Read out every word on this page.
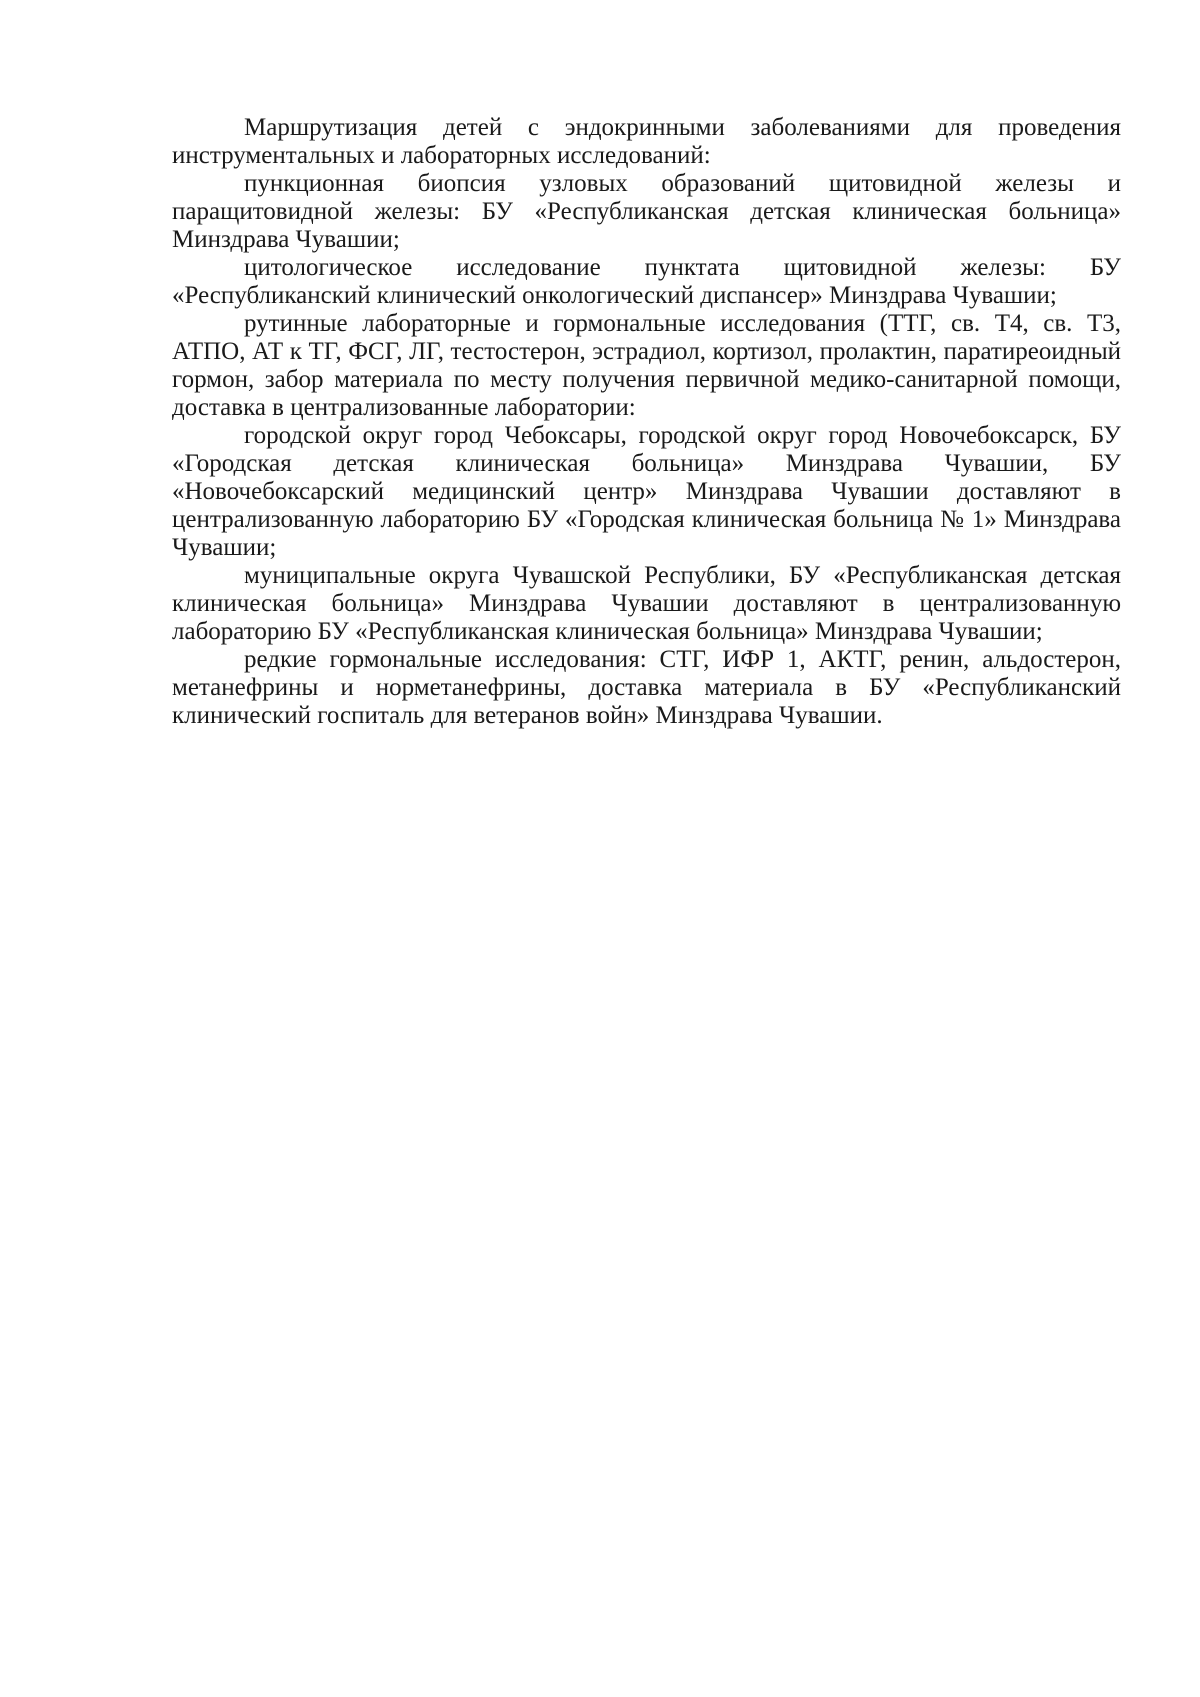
Маршрутизация детей с эндокринными заболеваниями для проведения инструментальных и лабораторных исследований:

пункционная биопсия узловых образований щитовидной железы и паращитовидной железы: БУ «Республиканская детская клиническая больница» Минздрава Чувашии;

цитологическое исследование пунктата щитовидной железы: БУ «Республиканский клинический онкологический диспансер» Минздрава Чувашии;

рутинные лабораторные и гормональные исследования (ТТГ, св. Т4, св. Т3, АТПО, АТ к ТГ, ФСГ, ЛГ, тестостерон, эстрадиол, кортизол, пролактин, паратиреоидный гормон, забор материала по месту получения первичной медико-санитарной помощи, доставка в централизованные лаборатории:

городской округ город Чебоксары, городской округ город Новочебоксарск, БУ «Городская детская клиническая больница» Минздрава Чувашии, БУ «Новочебоксарский медицинский центр» Минздрава Чувашии доставляют в централизованную лабораторию БУ «Городская клиническая больница № 1» Минздрава Чувашии;

муниципальные округа Чувашской Республики, БУ «Республиканская детская клиническая больница» Минздрава Чувашии доставляют в централизованную лабораторию БУ «Республиканская клиническая больница» Минздрава Чувашии;

редкие гормональные исследования: СТГ, ИФР 1, АКТГ, ренин, альдостерон, метанефрины и норметанефрины, доставка материала в БУ «Республиканский клинический госпиталь для ветеранов войн» Минздрава Чувашии.
